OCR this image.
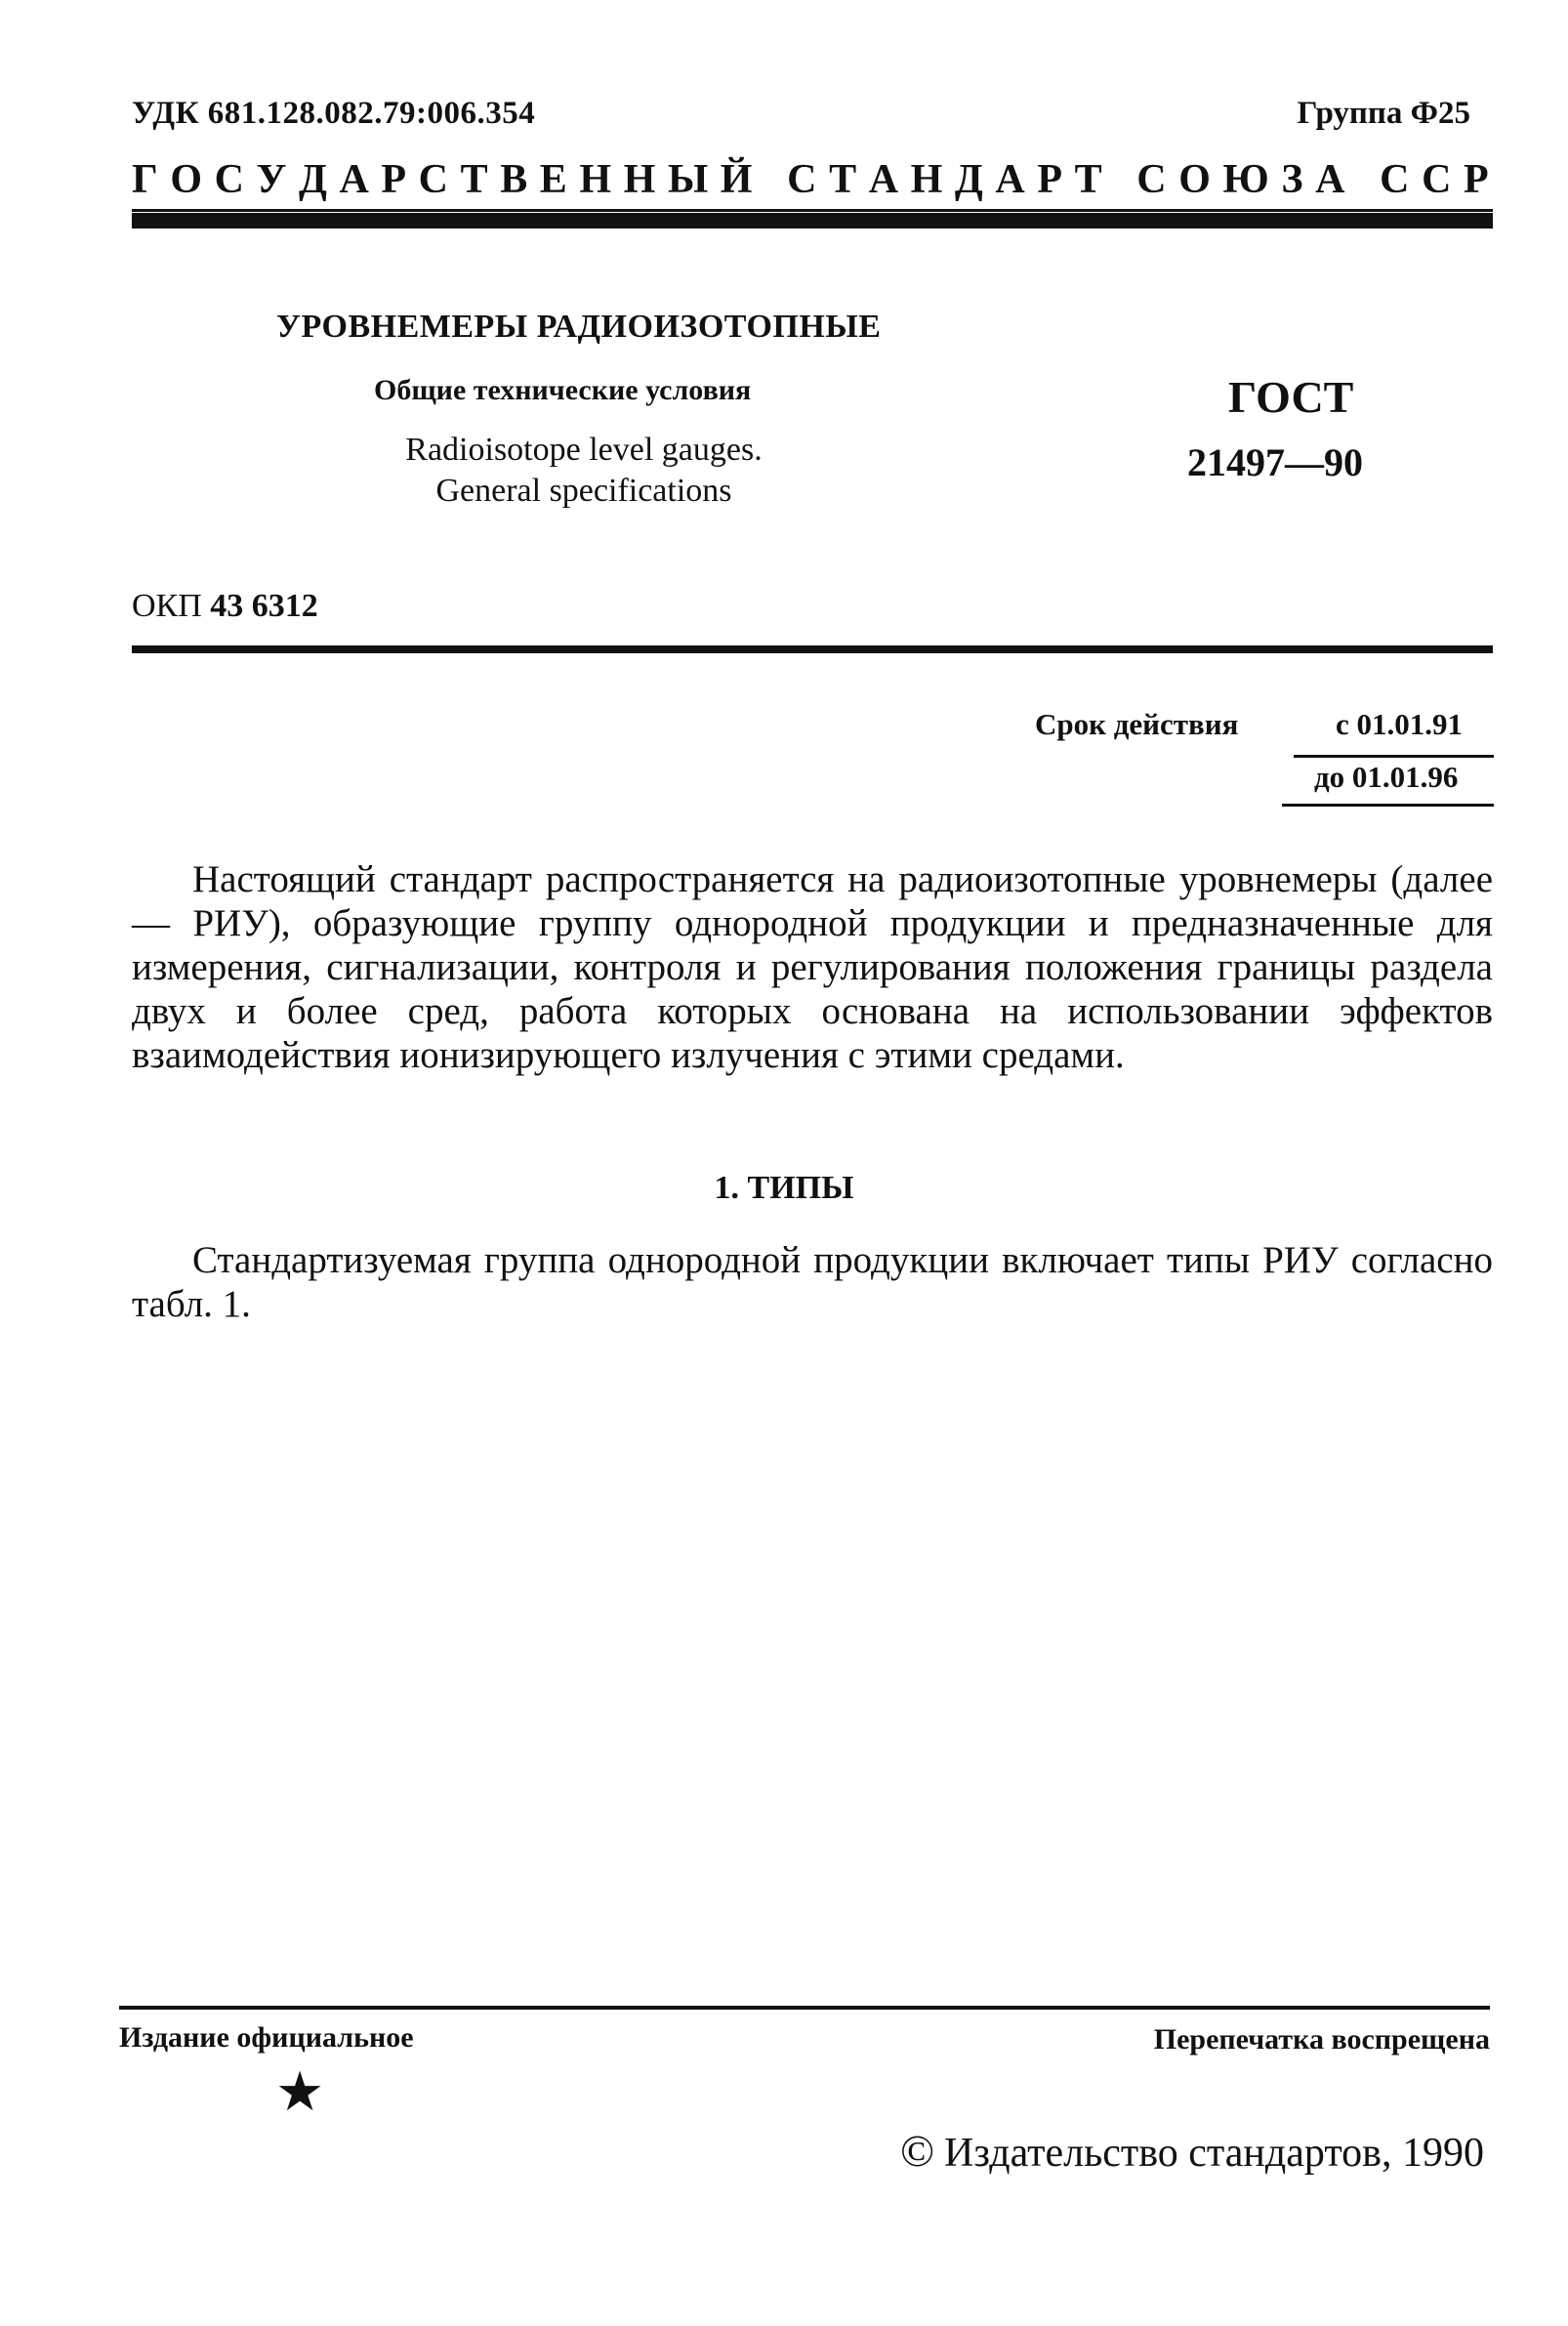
УДК 681.128.082.79:006.354	Группа Ф25
Г О С У Д А Р С Т В Е Н Н Ы Й
С Т А Н Д А Р Т
С О Ю З А
С С Р
УРОВНЕМЕРЫ РАДИОИЗОТОПНЫЕ
Общие технические условия
Radioisotope level gauges.
General specifications
ГОСТ
21497—90
ОКП 43 6312
Срок действия	с 01.01.91
до 01.01.96
Настоящий стандарт распространяется на радиоизотопные уровнемеры (далее — РИУ), образующие группу однородной продукции и предназначенные для измерения, сигнализации, контроля и регулирования положения границы раздела двух и более сред, работа которых основана на использовании эффектов взаимодействия ионизирующего излучения с этими средами.
1. ТИПЫ
Стандартизуемая группа однородной продукции включает типы РИУ согласно табл. 1.
Издание официальное	Перепечатка воспрещена
★
© Издательство стандартов, 1990
